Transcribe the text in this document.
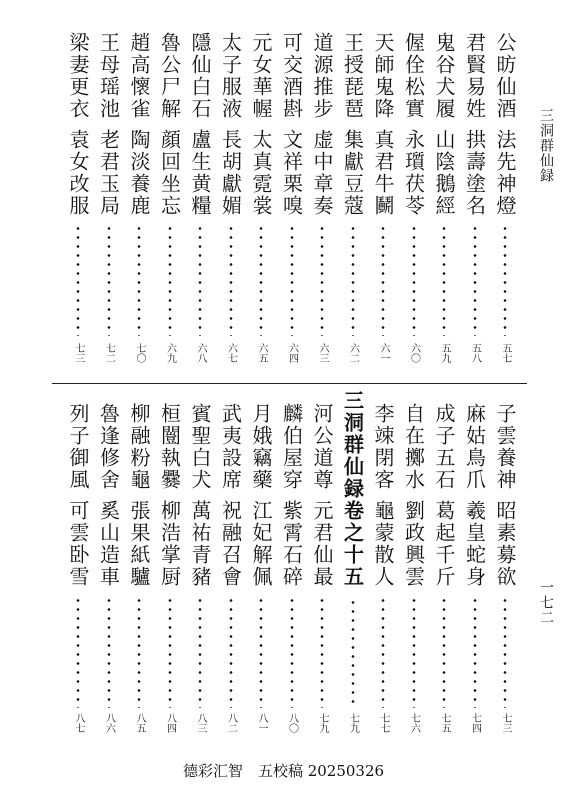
三洞群仙録
一七二
公昉仙酒
法先神燈
五七
君賢易姓
拱壽塗名
五八
鬼谷犬履
山陰鵝經
五九
偓佺松實
永瓆茯苓
六〇
天師鬼降
真君牛鬭
六一
王授琵琶
集獻豆蔻
六二
道源推步
虚中章奏
六三
可交酒斟
文祥栗嗅
六四
元女華幄
太真霓裳
六五
太子服液
長胡獻媚
六七
隱仙白石
盧生黄糧
六八
魯公尸解
顔回坐忘
六九
趙高懷雀
陶淡養鹿
七〇
王母瑶池
老君玉局
七二
梁妻更衣
袁女改服
七三
子雲養神
昭素募欲
七三
麻姑鳥爪
羲皇蛇身
七四
成子五石
葛起千斤
七五
自在擲水
劉政興雲
七六
李竦閉客
龜蒙散人
七七
三洞群仙録卷之十五
七九
河公道尊
元君仙最
七九
麟伯屋穿
紫霄石碎
八〇
月娥竊藥
江妃解佩
八一
武夷設席
祝融召會
八二
賓聖白犬
萬祐青豬
八三
桓闓執爨
柳浩掌厨
八四
柳融粉龜
張果紙驢
八五
魯逢修舍
奚山造車
八六
列子御風
可雲卧雪
八七
德彩汇智　五校稿 20250326
